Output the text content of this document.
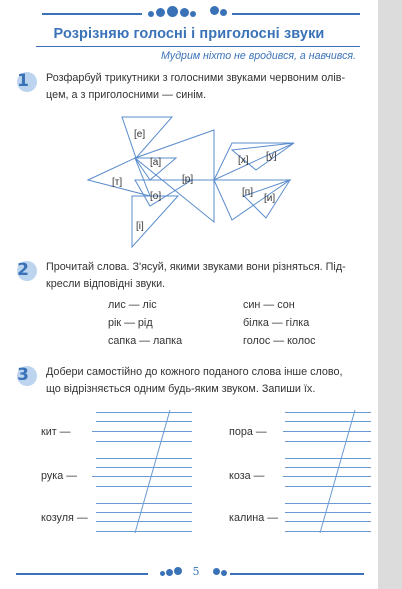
Розрізняю голосні і приголосні звуки
Мудрим ніхто не вродився, а навчився.
1	Розфарбуй трикутники з голосними звуками червоним олів-
цем, а з приголосними — синім.
[е]
[а]
[т]	[р]
[о]
[і]
[х] [у]
[п]
[и]
2	Прочитай слова. З'ясуй, якими звуками вони різняться. Під-
кресли відповідні звуки.
лис — ліс	син — сон
рік — рід	білка — гілка
сапка — лапка	голос — колос
3	Добери самостійно до кожного поданого слова інше слово,
що відрізняється одним будь-яким звуком. Запиши їх.
кит —
рука —
козуля —
пора —
коза —
калина —
5
